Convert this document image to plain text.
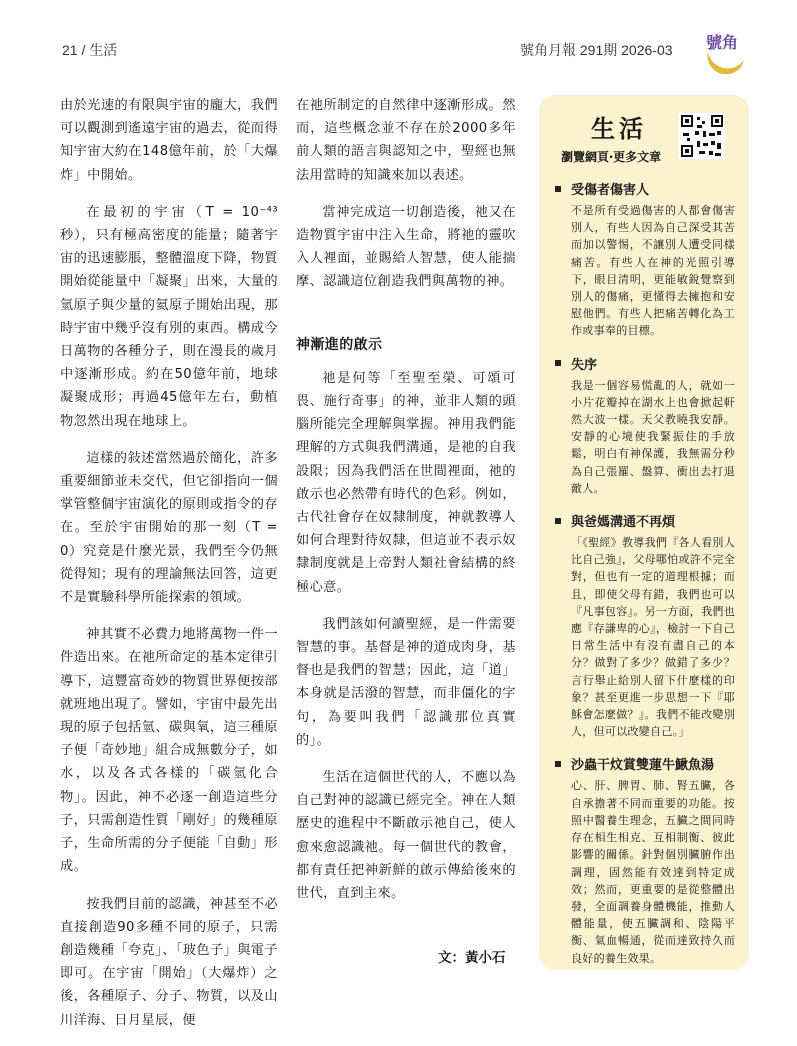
21 / 生活	號角月報 291期 2026-03 號角

由於光速的有限與宇宙的龐大，我們可以觀測到遙遠宇宙的過去，從而得知宇宙大約在148億年前，於「大爆炸」中開始。

在最初的宇宙（T = 10⁻⁴³秒），只有極高密度的能量；隨著宇宙的迅速膨脹，整體溫度下降，物質開始從能量中「凝聚」出來，大量的氫原子與少量的氦原子開始出現，那時宇宙中幾乎沒有別的東西。構成今日萬物的各種分子，則在漫長的歲月中逐漸形成。約在50億年前，地球凝聚成形；再過45億年左右，動植物忽然出現在地球上。

這樣的敍述當然過於簡化，許多重要細節並未交代，但它卻指向一個掌管整個宇宙演化的原則或指令的存在。至於宇宙開始的那一刻（T = 0）究竟是什麼光景，我們至今仍無從得知；現有的理論無法回答，這更不是實驗科學所能探索的領域。

神其實不必費力地將萬物一件一件造出來。在祂所命定的基本定律引導下，這豐富奇妙的物質世界便按部就班地出現了。譬如，宇宙中最先出現的原子包括氫、碳與氧，這三種原子便「奇妙地」組合成無數分子，如水，以及各式各樣的「碳氫化合物」。因此，神不必逐一創造這些分子，只需創造性質「剛好」的幾種原子，生命所需的分子便能「自動」形成。

按我們目前的認識，神甚至不必直接創造90多種不同的原子，只需創造幾種「夸克」、「玻色子」與電子即可。在宇宙「開始」（大爆炸）之後，各種原子、分子、物質，以及山川洋海、日月星辰，便

在祂所制定的自然律中逐漸形成。然而，這些概念並不存在於2000多年前人類的語言與認知之中，聖經也無法用當時的知識來加以表述。

當神完成這一切創造後，祂又在造物質宇宙中注入生命，將祂的靈吹入人裡面，並賜給人智慧，使人能揣摩、認識這位創造我們與萬物的神。

神漸進的啟示

祂是何等「至聖至榮、可頌可畏、施行奇事」的神，並非人類的頭腦所能完全理解與掌握。神用我們能理解的方式與我們溝通，是祂的自我設限；因為我們活在世間裡面，祂的啟示也必然帶有時代的色彩。例如，古代社會存在奴隸制度，神就教導人如何合理對待奴隸，但這並不表示奴隸制度就是上帝對人類社會結構的終極心意。

我們該如何讀聖經，是一件需要智慧的事。基督是神的道成肉身，基督也是我們的智慧；因此，這「道」本身就是活潑的智慧，而非僵化的字句，為要叫我們「認識那位真實的」。

生活在這個世代的人，不應以為自己對神的認識已經完全。神在人類歷史的進程中不斷啟示祂自己，使人愈來愈認識祂。每一個世代的教會，都有責任把神新鮮的啟示傳給後來的世代，直到主來。

文：黃小石
生活
瀏覽網頁‧更多文章
受傷者傷害人
不是所有受過傷害的人都會傷害別人，有些人因為自己深受其苦而加以警惕，不讓別人遭受同樣痛苦。有些人在神的光照引導下，眼目清明，更能敏銳覺察到別人的傷痛，更懂得去擁抱和安慰他們。有些人把痛苦轉化為工作或事奉的目標。
失序
我是一個容易慌亂的人，就如一小片花瓣掉在湖水上也會掀起軒然大波一樣。天父教曉我安靜。安靜的心境使我緊振住的手放鬆，明白有神保護，我無需分秒為自己張羅、盤算、衝出去打退敵人。
與爸媽溝通不再煩
「《聖經》教導我們『各人看別人比自己強』，父母哪怕或許不完全對，但也有一定的道理根據；而且，即使父母有錯，我們也可以『凡事包容』。另一方面，我們也應『存謙卑的心』，檢討一下自己日常生活中有沒有盡自己的本分？做對了多少？做錯了多少？言行舉止給別人留下什麼樣的印象？甚至更進一步思想一下『耶穌會怎麼做？』。我們不能改變別人，但可以改變自己。」
沙蟲干炆賞雙蓮牛鰍魚湯
心、肝、脾胃、肺、腎五臟，各自承擔著不同而重要的功能。按照中醫養生理念，五臟之間同時存在相生相克、互相制衡、彼此影響的關係。針對個別臟腑作出調理，固然能有效達到特定成效；然而，更重要的是從整體出發，全面調養身體機能，推動人體能量，使五臟調和、陰陽平衡、氣血暢通，從而達致持久而良好的養生效果。
